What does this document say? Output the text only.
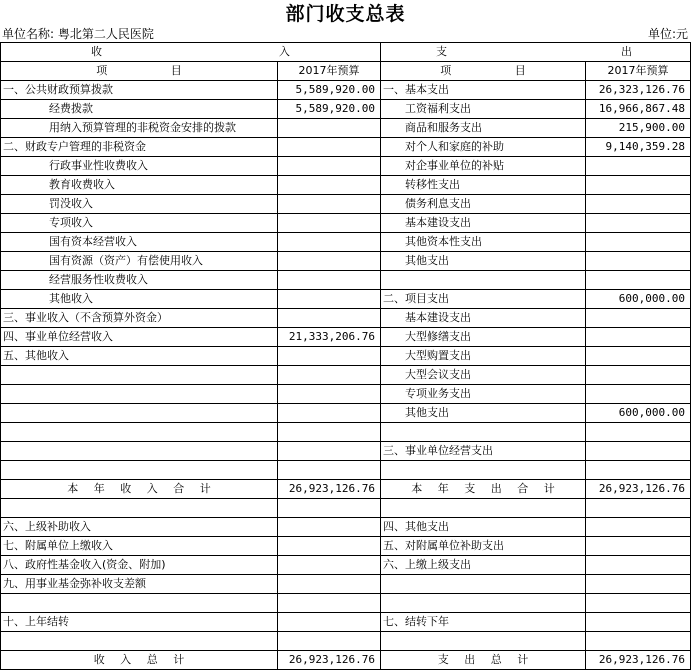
部门收支总表
单位名称: 粤北第二人民医院	单位:元
收 入		支 出	

项 目	2017年预算	项 目	2017年预算
一、公共财政预算拨款	5,589,920.00	一、基本支出	26,323,126.76
经费拨款	5,589,920.00	工资福利支出	16,966,867.48
用纳入预算管理的非税资金安排的拨款		商品和服务支出	215,900.00
二、财政专户管理的非税资金		对个人和家庭的补助	9,140,359.28
行政事业性收费收入		对企事业单位的补贴	
教育收费收入		转移性支出	
罚没收入		债务利息支出	
专项收入		基本建设支出	
国有资本经营收入		其他资本性支出	
国有资源（资产）有偿使用收入		其他支出	
经营服务性收费收入			
其他收入		二、项目支出	600,000.00
三、事业收入（不含预算外资金）		基本建设支出	
四、事业单位经营收入	21,333,206.76	大型修缮支出	
五、其他收入		大型购置支出	
		大型会议支出	
		专项业务支出	
		其他支出	600,000.00

		三、事业单位经营支出	

本 年 收 入 合 计	26,923,126.76	本 年 支 出 合 计	26,923,126.76

六、上级补助收入		四、其他支出	
七、附属单位上缴收入		五、对附属单位补助支出	
八、政府性基金收入(资金、附加)		六、上缴上级支出	
九、用事业基金弥补收支差额			

十、上年结转		七、结转下年	

收 入 总 计	26,923,126.76	支 出 总 计	26,923,126.76
